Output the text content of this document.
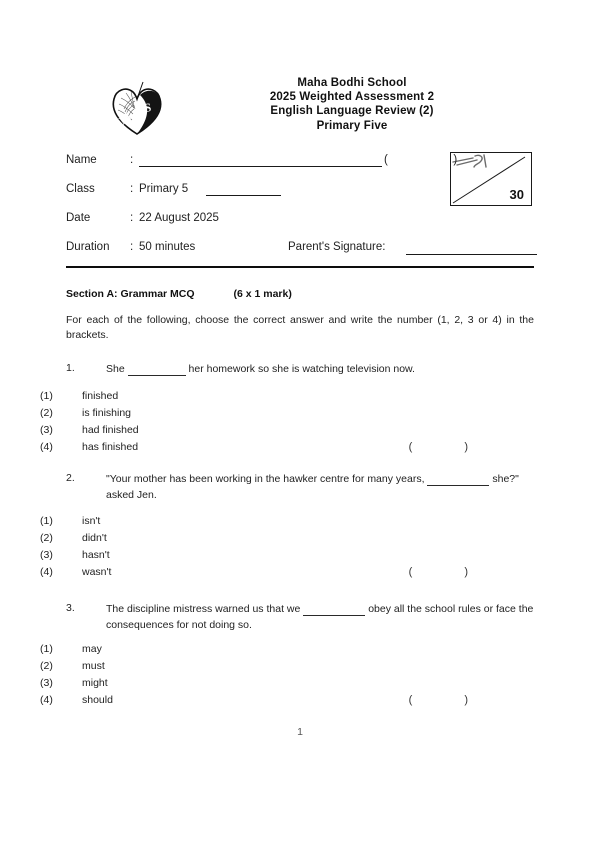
M
B S
Maha Bodhi School
2025 Weighted Assessment 2
English Language Review (2)
Primary Five
Name	:	(   )
Class	: Primary 5
Date	: 22 August 2025
Duration	: 50 minutes	Parent's Signature:
30
Section A: Grammar MCQ	(6 x 1 mark)
For each of the following, choose the correct answer and write the number (1, 2, 3 or 4) in the brackets.
1.	She	her homework so she is watching television now.
(1)	finished
(2)	is finishing
(3)	had finished
(4)	has finished	(	)
2.	"Your mother has been working in the hawker centre for many years,	she?" asked Jen.
(1)	isn't
(2)	didn't
(3)	hasn't
(4)	wasn't	(	)
3.	The discipline mistress warned us that we	obey all the school rules or face the consequences for not doing so.
(1)	may
(2)	must
(3)	might
(4)	should	(	)
1
